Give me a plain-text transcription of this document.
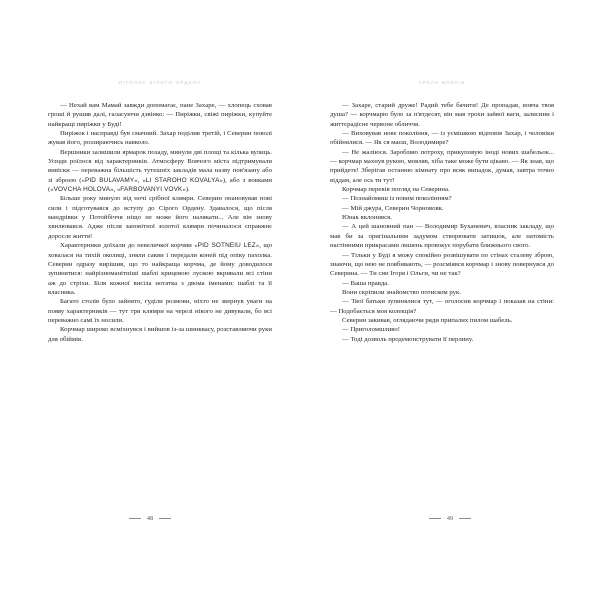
ЛІТОПИС БІЛОГО ОРДЕНУ

— Нехай вам Мамай завжди допомагає, пане Захаре, — хлопець сховав гроші й рушив далі, галасуючи дзвінко: — Пиріжки, свіжі пиріжки, купуйте найкращі пиріжки у Буді!

Пиріжок і насправді був смачний. Захар поділив третій, і Северин поволі жував його, роззираючись навколо.

Вершники залишили ярмарок позаду, минули дві площі та кілька вулиць. Усюди роїлося від характерників. Атмосферу Вовчого міста підтримували вивіски — переважна більшість тутешніх закладів мала назву пов'язану або зі зброєю («PID BULAVAMY», «LI STAROHO KOVALYA»), або з вовками («VOVCHA HOLOVA», «FARBOVANYI VOVK»).

Більше року минуло від ночі срібної клямри. Северин опановував нові сили і підготувався до вступу до Сірого Ордену. Здавалося, що після мандрівки у Потойбіччя ніщо не може його налякати... Але він знову хвилювався. Адже після заповітної золотої клямри починалося справжнє доросле життя!

Характерники доїхали до невеличкої корчми «PID SOTNEIU LEZ», що ховалася на тихій околиці, зняли сакви і передали коней під опіку пахолка. Северин одразу вирішив, що то найкраща корчма, де йому доводилося зупинятися: найрізноманітніші шаблі крицевою лускою вкривали всі стіни аж до стріхи. Біля кожної висіла нотатка з двома іменами: шаблі та її власника.

Багато столів було зайнято, гуділи розмови, ніхто не звернув уваги на появу характерників — тут три клямри на черезі нікого не дивували, бо всі переважно самі їх носили.

Корчмар широко всміхнувся і вийшов із-за шинквасу, розставляючи руки для обіймів.

48
АРКАН ВОВКІВ

— Захаре, старий друже! Радий тебе бачити! Де пропадав, вовча твоя душа? — корчмарю було за п'ятдесят, він мав трохи зайвої ваги, залисини і життєрадісне червоне обличчя.

— Виховував нове покоління, — із усмішкою відповів Захар, і чоловіки обійнялися. — Як ся маєш, Володимире?

— Не жаліюся. Заробляю потроху, прикуповую іноді нових шабельок... — корчмар махнув рукою, мовляв, хіба таке може бути цікаво. — Як знав, що прийдете! Зберігав останню кімнату про всяк випадок, думав, завтра точно віддам, але ось ти тут!

Корчмар перевів погляд на Северина.

— Познайомиш із новим поколінням?

— Мій джура, Северин Чорнововк.

Юнак вклонився.

— А цей шановний пан — Володимир Буханевич, власник закладу, що мав би за оригінальним задумом створювати затишок, але натомість настінними прикрасами лишень провокує порубати ближнього свого.

— Тільки у Буді я можу спокійно розвішувати по стінах сталеву зброю, знаючи, що нею не повбивають, — розсміявся корчмар і знову повернувся до Северина. — Ти син Ігоря і Ольги, чи не так?

— Ваша правда.

Вони скріпили знайомство потиском рук.

— Твої батьки зупинялися тут, — оголосив корчмар і показав на стіни: — Подобається моя колекція?

Северин закивав, оглядаючи ряди припалих пилом шабель.

— Приголомшливо!

— Тоді дозволь продемонструвати її перлину.

49
